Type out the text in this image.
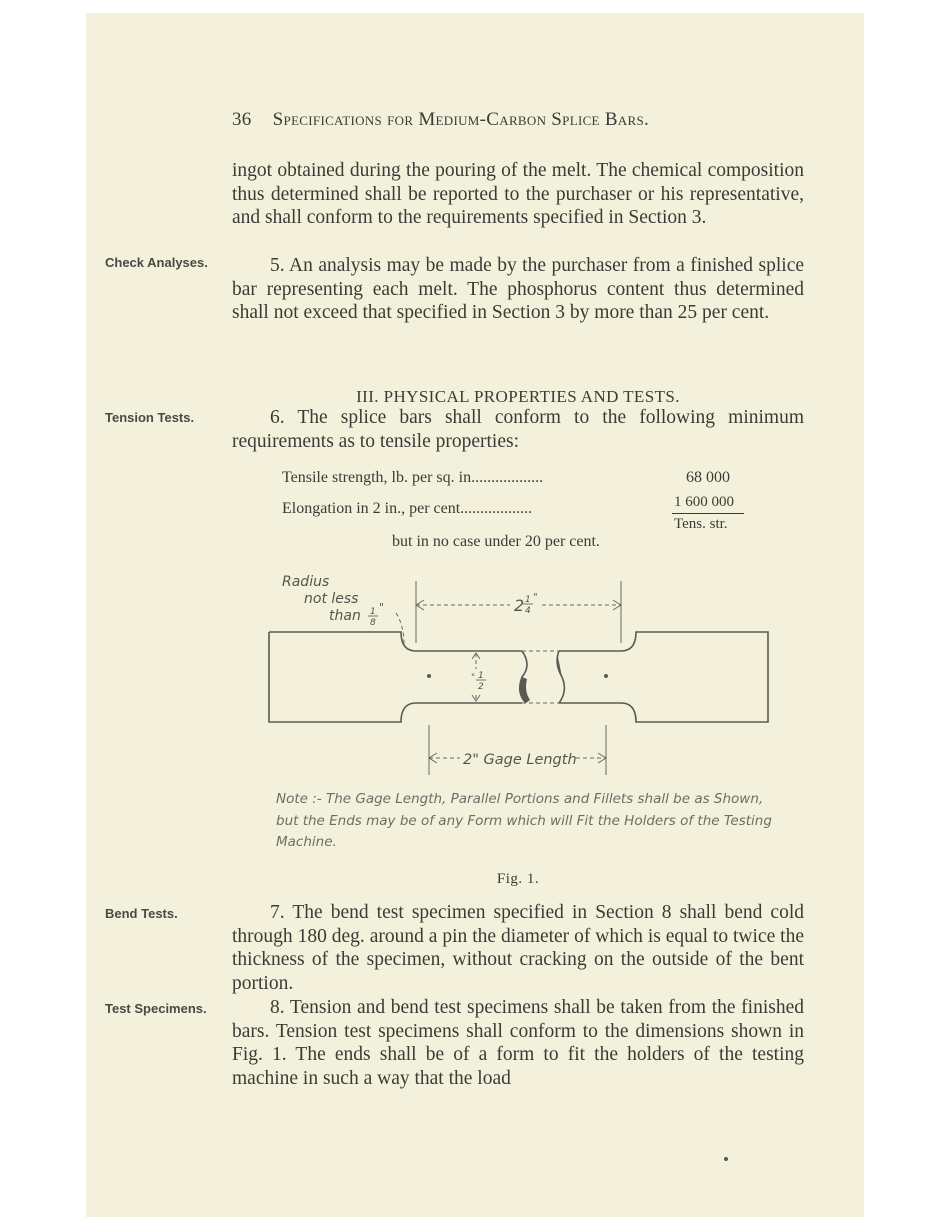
36 Specifications for Medium-Carbon Splice Bars.
ingot obtained during the pouring of the melt. The chemical composition thus determined shall be reported to the purchaser or his representative, and shall conform to the requirements specified in Section 3.
Check Analyses.	5. An analysis may be made by the purchaser from a finished splice bar representing each melt. The phosphorus content thus determined shall not exceed that specified in Section 3 by more than 25 per cent.
III. PHYSICAL PROPERTIES AND TESTS.
Tension Tests.	6. The splice bars shall conform to the following minimum requirements as to tensile properties:
Tensile strength, lb. per sq. in..................	68 000
Elongation in 2 in., per cent..................	1 600 000
Tens. str.
but in no case under 20 per cent.
Radius
not less
than 1
8
"	2 1
4
"
1
2
"
2" Gage Length
Note :- The Gage Length, Parallel Portions and Fillets shall be as Shown, but the Ends may be of any Form which will Fit the Holders of the Testing Machine.
Fig. 1.
Bend Tests.	7. The bend test specimen specified in Section 8 shall bend cold through 180 deg. around a pin the diameter of which is equal to twice the thickness of the specimen, without cracking on the outside of the bent portion.
Test Specimens.	8. Tension and bend test specimens shall be taken from the finished bars. Tension test specimens shall conform to the dimensions shown in Fig. 1. The ends shall be of a form to fit the holders of the testing machine in such a way that the load
